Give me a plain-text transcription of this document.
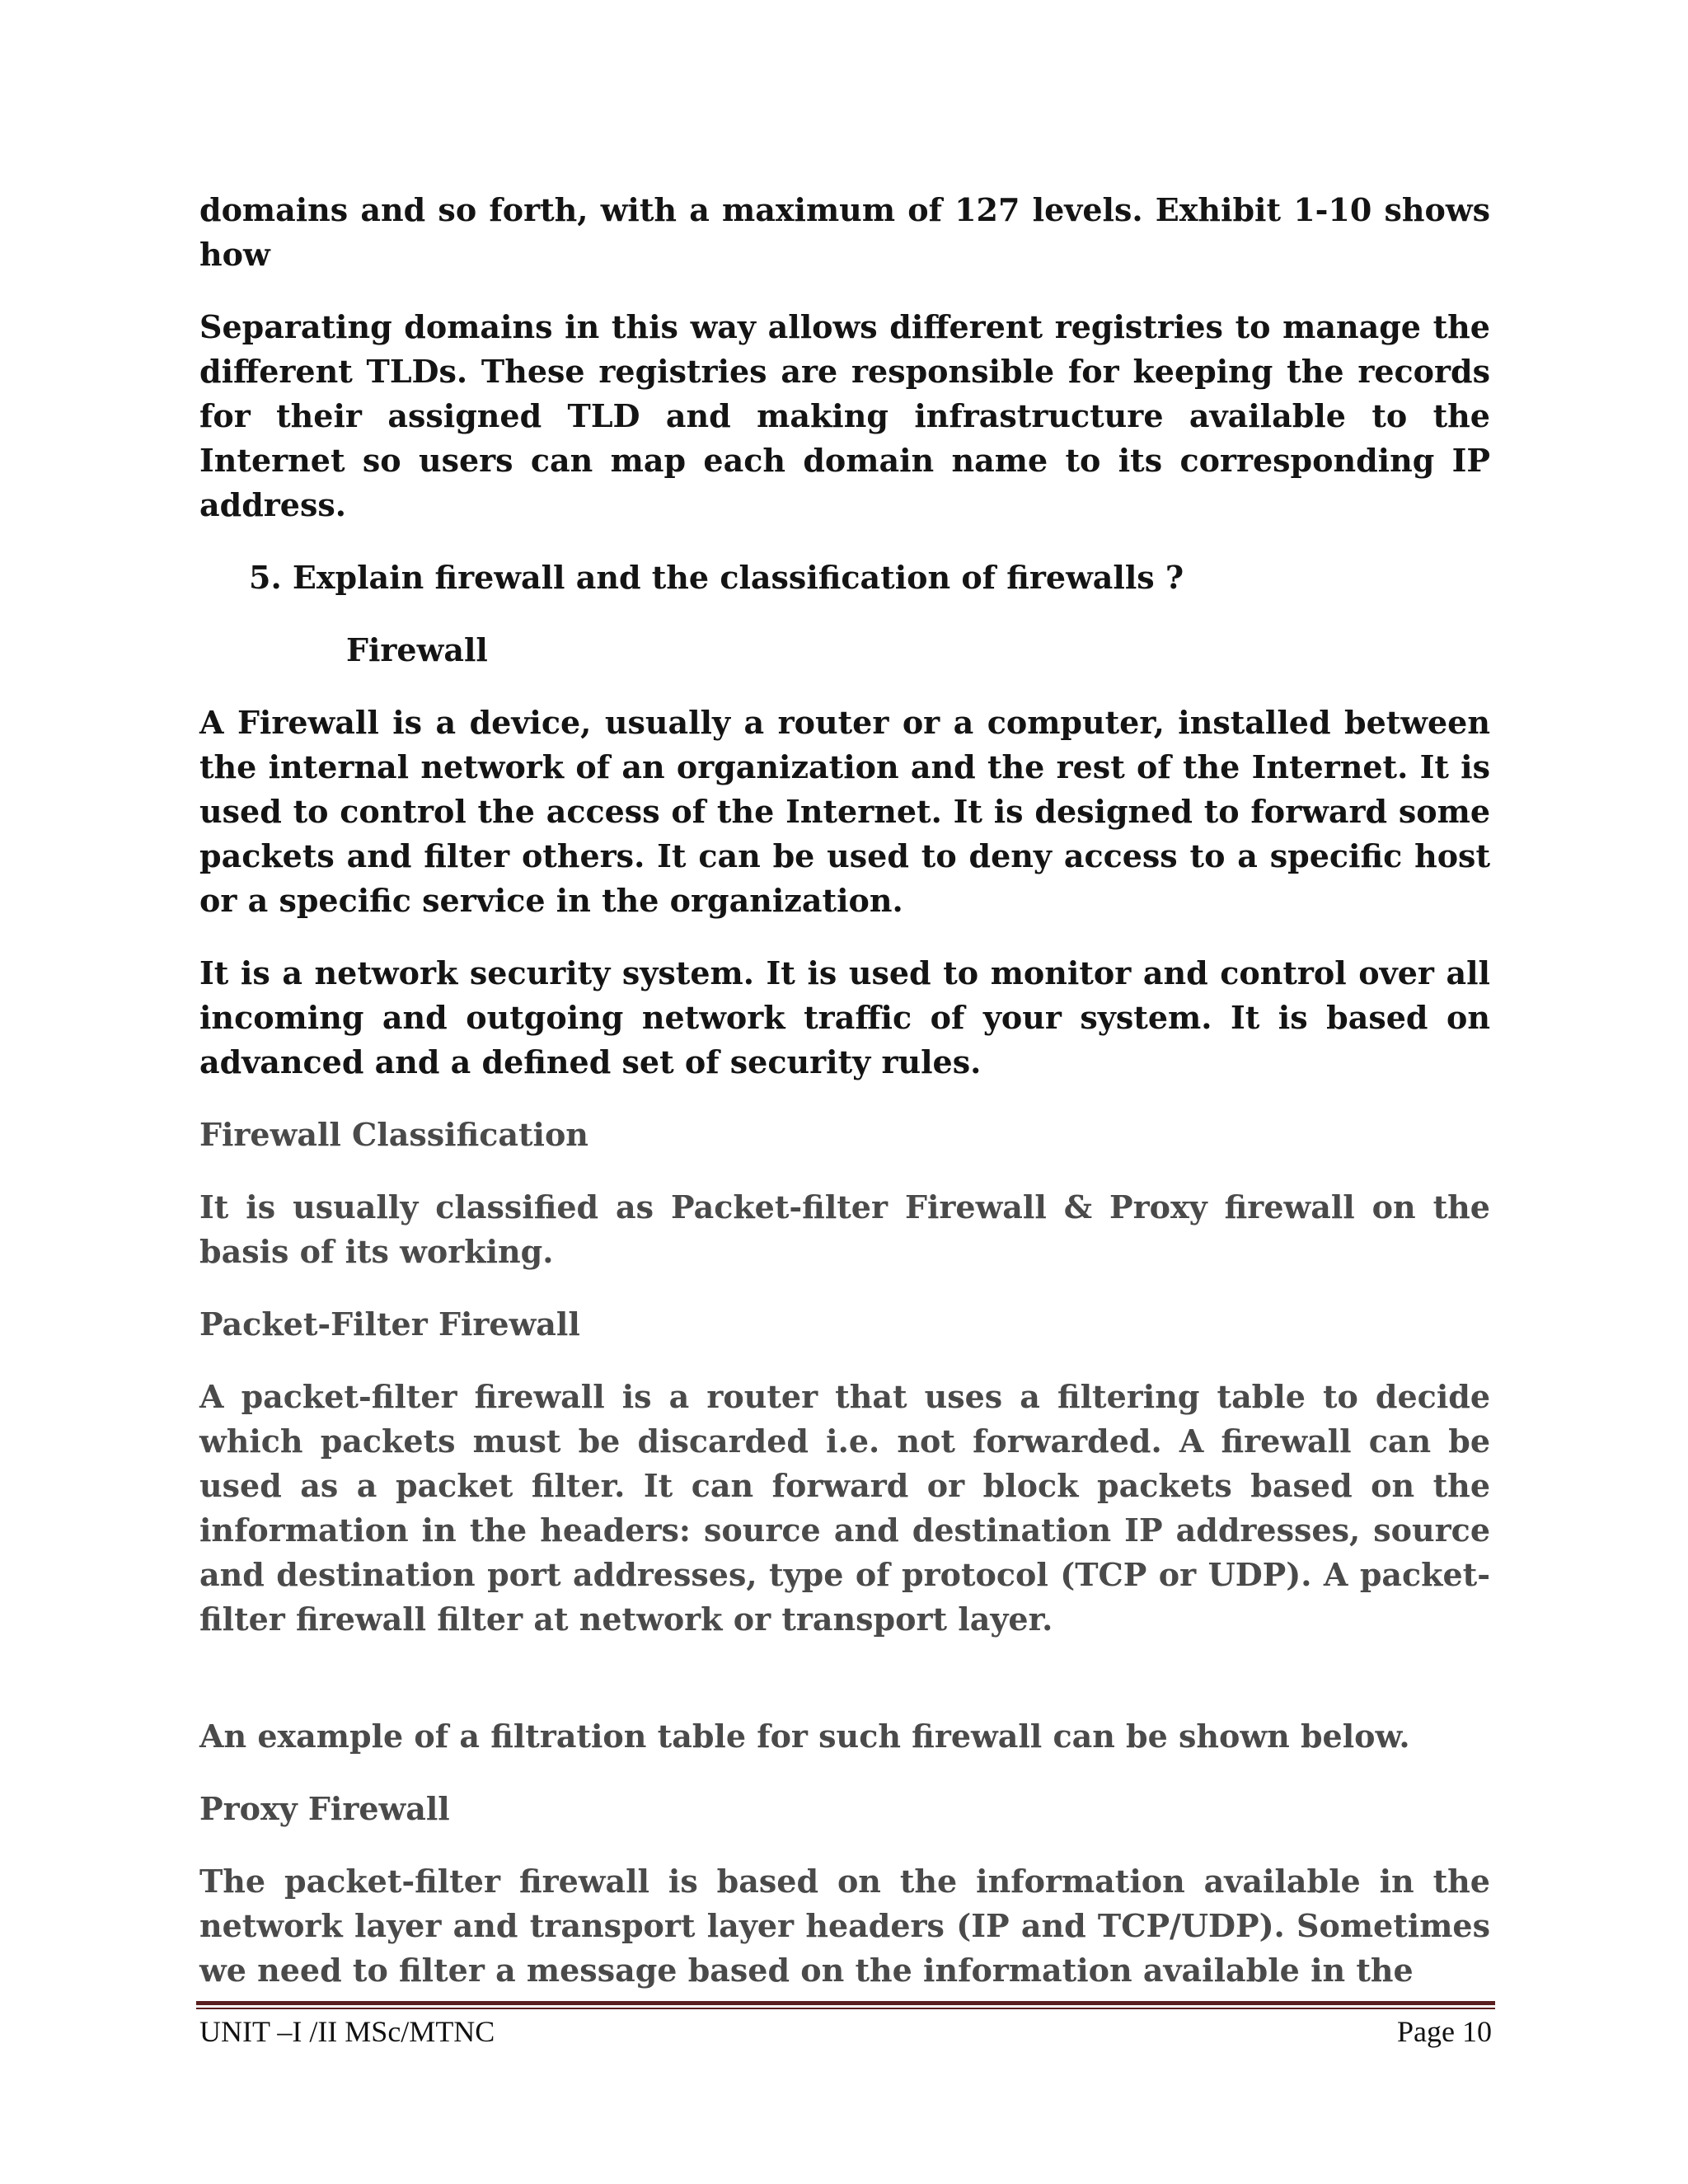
domains and so forth, with a maximum of 127 levels. Exhibit 1-10 shows how

Separating domains in this way allows different registries to manage the different TLDs. These registries are responsible for keeping the records for their assigned TLD and making infrastructure available to the Internet so users can map each domain name to its corresponding IP address.

5. Explain firewall and the classification of firewalls ?
Firewall

A Firewall is a device, usually a router or a computer, installed between the internal network of an organization and the rest of the Internet. It is used to control the access of the Internet. It is designed to forward some packets and filter others. It can be used to deny access to a specific host or a specific service in the organization.

It is a network security system. It is used to monitor and control over all incoming and outgoing network traffic of your system. It is based on advanced and a defined set of security rules.

Firewall Classification

It is usually classified as Packet-filter Firewall & Proxy firewall on the basis of its working.

Packet-Filter Firewall

A packet-filter firewall is a router that uses a filtering table to decide which packets must be discarded i.e. not forwarded. A firewall can be used as a packet filter. It can forward or block packets based on the information in the headers: source and destination IP addresses, source and destination port addresses, type of protocol (TCP or UDP). A packet-filter firewall filter at network or transport layer.

An example of a filtration table for such firewall can be shown below.

Proxy Firewall

The packet-filter firewall is based on the information available in the network layer and transport layer headers (IP and TCP/UDP). Sometimes we need to filter a message based on the information available in the

UNIT –I /II MSc/MTNC	Page 10
